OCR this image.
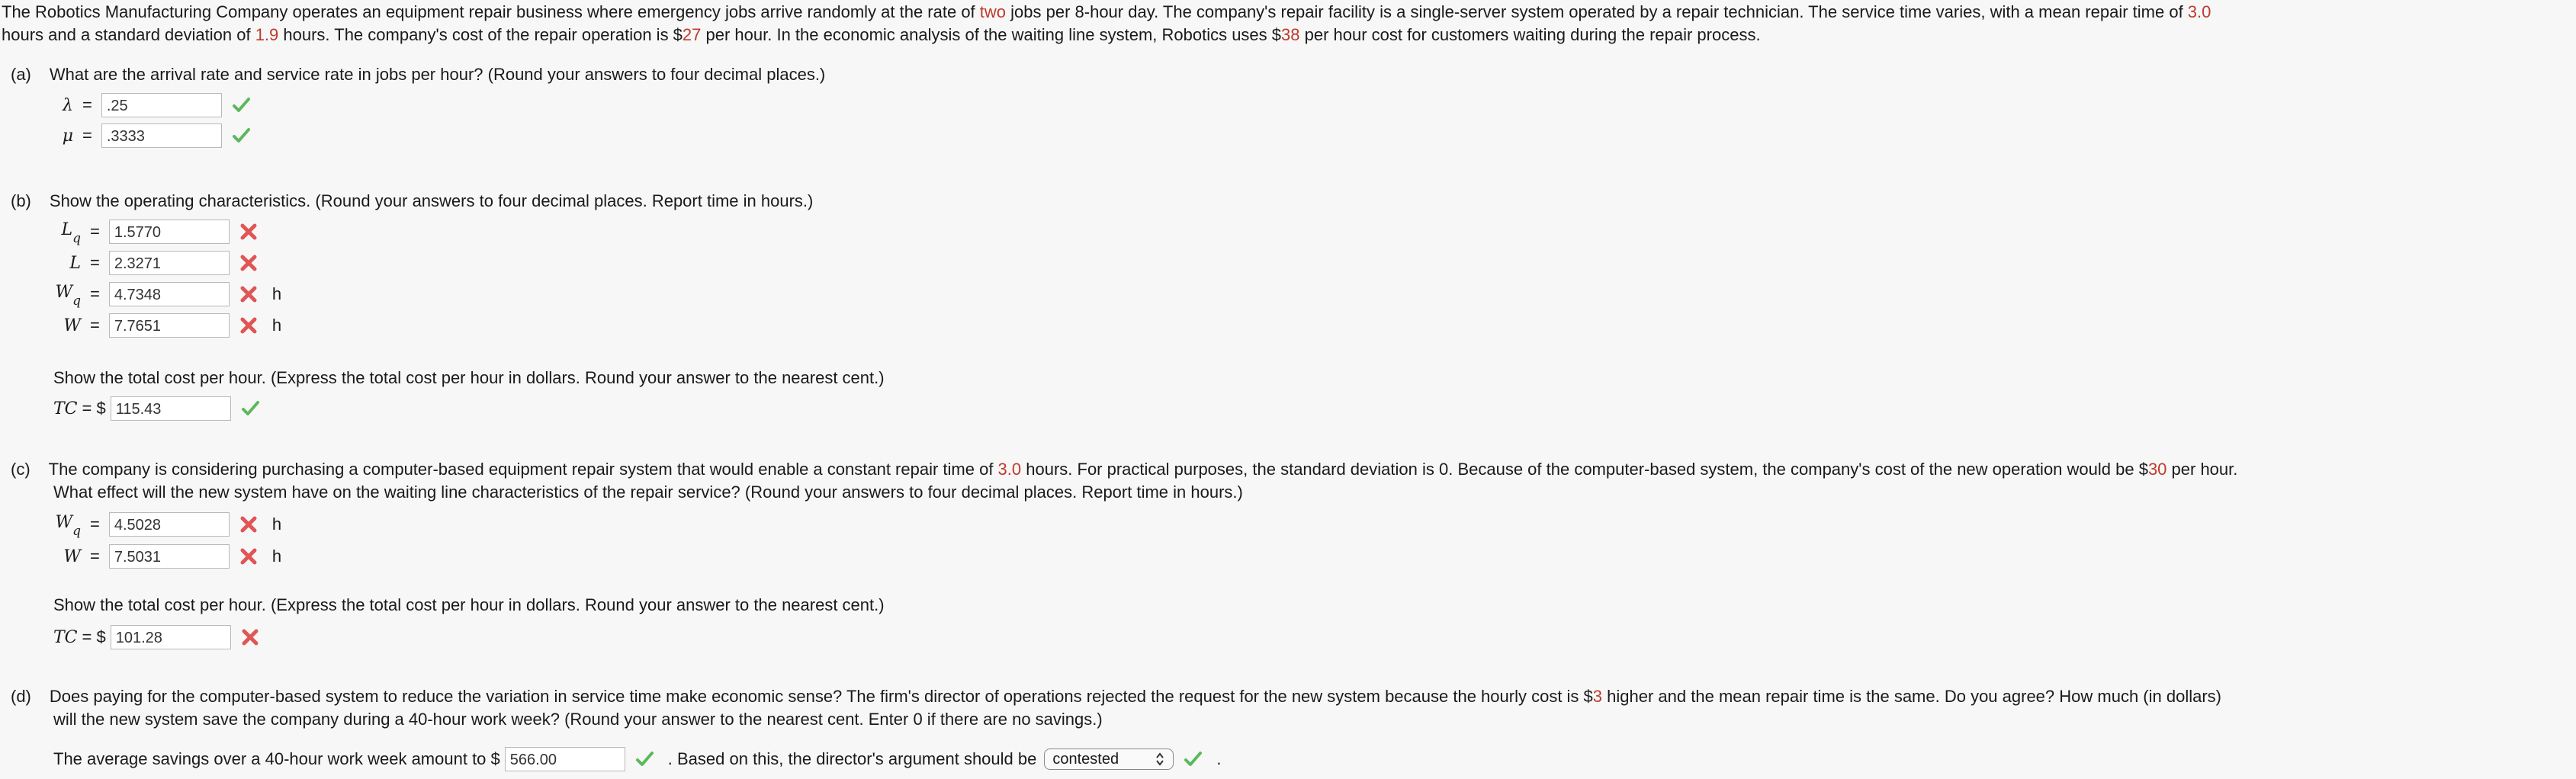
The Robotics Manufacturing Company operates an equipment repair business where emergency jobs arrive randomly at the rate of two jobs per 8-hour day. The company's repair facility is a single-server system operated by a repair technician. The service time varies, with a mean repair time of 3.0
hours and a standard deviation of 1.9 hours. The company's cost of the repair operation is $27 per hour. In the economic analysis of the waiting line system, Robotics uses $38 per hour cost for customers waiting during the repair process.
(a) What are the arrival rate and service rate in jobs per hour? (Round your answers to four decimal places.)
λ = .25
μ = .3333
(b) Show the operating characteristics. (Round your answers to four decimal places. Report time in hours.)
$L_q = 1.5770$
L = 2.3271
$W_q = 4.7348$	h
W = 7.7651	h
Show the total cost per hour. (Express the total cost per hour in dollars. Round your answer to the nearest cent.)
TC = $ 115.43
(c) The company is considering purchasing a computer-based equipment repair system that would enable a constant repair time of 3.0 hours. For practical purposes, the standard deviation is 0. Because of the computer-based system, the company's cost of the new operation would be $30 per hour.
What effect will the new system have on the waiting line characteristics of the repair service? (Round your answers to four decimal places. Report time in hours.)
$W_q = 4.5028$	h
W = 7.5031	h
Show the total cost per hour. (Express the total cost per hour in dollars. Round your answer to the nearest cent.)
TC = $ 101.28
(d) Does paying for the computer-based system to reduce the variation in service time make economic sense? The firm's director of operations rejected the request for the new system because the hourly cost is $3 higher and the mean repair time is the same. Do you agree? How much (in dollars)
will the new system save the company during a 40-hour work week? (Round your answer to the nearest cent. Enter 0 if there are no savings.)
The average savings over a 40-hour work week amount to $ 566.00	. Based on this, the director's argument should be contested	.
